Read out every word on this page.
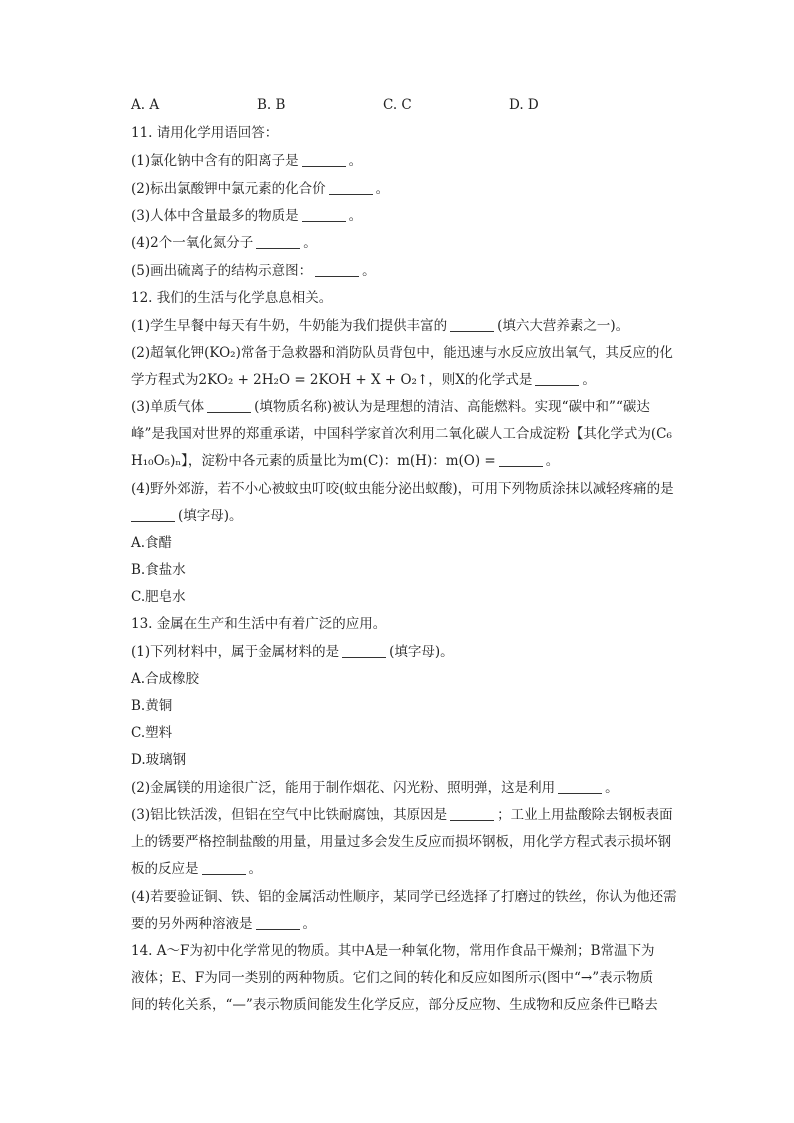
A. A	B. B	C. C	D. D
11. 请用化学用语回答：
(1)氯化钠中含有的阳离子是	。
(2)标出氯酸钾中氯元素的化合价	。
(3)人体中含量最多的物质是	。
(4)2个一氧化氮分子	。
(5)画出硫离子的结构示意图：	。
12. 我们的生活与化学息息相关。
(1)学生早餐中每天有牛奶，牛奶能为我们提供丰富的	(填六大营养素之一)。
(2)超氧化钾(KO₂)常备于急救器和消防队员背包中，能迅速与水反应放出氧气，其反应的化
学方程式为2KO₂ + 2H₂O = 2KOH + X + O₂↑，则X的化学式是	。
(3)单质气体	(填物质名称)被认为是理想的清洁、高能燃料。实现“碳中和”“碳达
峰”是我国对世界的郑重承诺，中国科学家首次利用二氧化碳人工合成淀粉【其化学式为(C₆
H₁₀O₅)ₙ】，淀粉中各元素的质量比为m(C)：m(H)：m(O) =	。
(4)野外郊游，若不小心被蚊虫叮咬(蚊虫能分泌出蚁酸)，可用下列物质涂抹以减轻疼痛的是
(填字母)。
A.食醋
B.食盐水
C.肥皂水
13. 金属在生产和生活中有着广泛的应用。
(1)下列材料中，属于金属材料的是	(填字母)。
A.合成橡胶
B.黄铜
C.塑料
D.玻璃钢
(2)金属镁的用途很广泛，能用于制作烟花、闪光粉、照明弹，这是利用	。
(3)铝比铁活泼，但铝在空气中比铁耐腐蚀，其原因是	；工业上用盐酸除去钢板表面
上的锈要严格控制盐酸的用量，用量过多会发生反应而损坏钢板，用化学方程式表示损坏钢
板的反应是	。
(4)若要验证铜、铁、铝的金属活动性顺序，某同学已经选择了打磨过的铁丝，你认为他还需
要的另外两种溶液是	。
14. A～F为初中化学常见的物质。其中A是一种氧化物，常用作食品干燥剂；B常温下为
液体；E、F为同一类别的两种物质。它们之间的转化和反应如图所示(图中“→”表示物质
间的转化关系，“—”表示物质间能发生化学反应，部分反应物、生成物和反应条件已略去
